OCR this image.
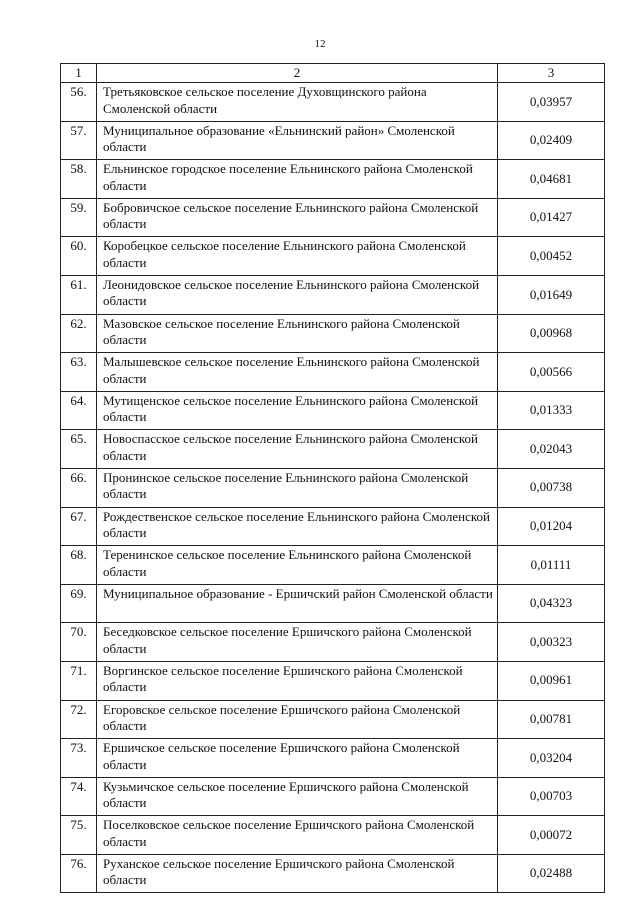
12
1	2	3
56.	Третьяковское сельское поселение Духовщинского района Смоленской области	0,03957
57.	Муниципальное образование «Ельнинский район» Смоленской области	0,02409
58.	Ельнинское городское поселение Ельнинского района Смоленской области	0,04681
59.	Бобровичское сельское поселение Ельнинского района Смоленской области	0,01427
60.	Коробецкое сельское поселение Ельнинского района Смоленской области	0,00452
61.	Леонидовское сельское поселение Ельнинского района Смоленской области	0,01649
62.	Мазовское сельское поселение Ельнинского района Смоленской области	0,00968
63.	Малышевское сельское поселение Ельнинского района Смоленской области	0,00566
64.	Мутищенское сельское поселение Ельнинского района Смоленской области	0,01333
65.	Новоспасское сельское поселение Ельнинского района Смоленской области	0,02043
66.	Пронинское сельское поселение Ельнинского района Смоленской области	0,00738
67.	Рождественское сельское поселение Ельнинского района Смоленской области	0,01204
68.	Теренинское сельское поселение Ельнинского района Смоленской области	0,01111
69.	Муниципальное образование - Ершичский район Смоленской области	0,04323
70.	Беседковское сельское поселение Ершичского района Смоленской области	0,00323
71.	Воргинское сельское поселение Ершичского района Смоленской области	0,00961
72.	Егоровское сельское поселение Ершичского района Смоленской области	0,00781
73.	Ершичское сельское поселение Ершичского района Смоленской области	0,03204
74.	Кузьмичское сельское поселение Ершичского района Смоленской области	0,00703
75.	Поселковское сельское поселение Ершичского района Смоленской области	0,00072
76.	Руханское сельское поселение Ершичского района Смоленской области	0,02488
